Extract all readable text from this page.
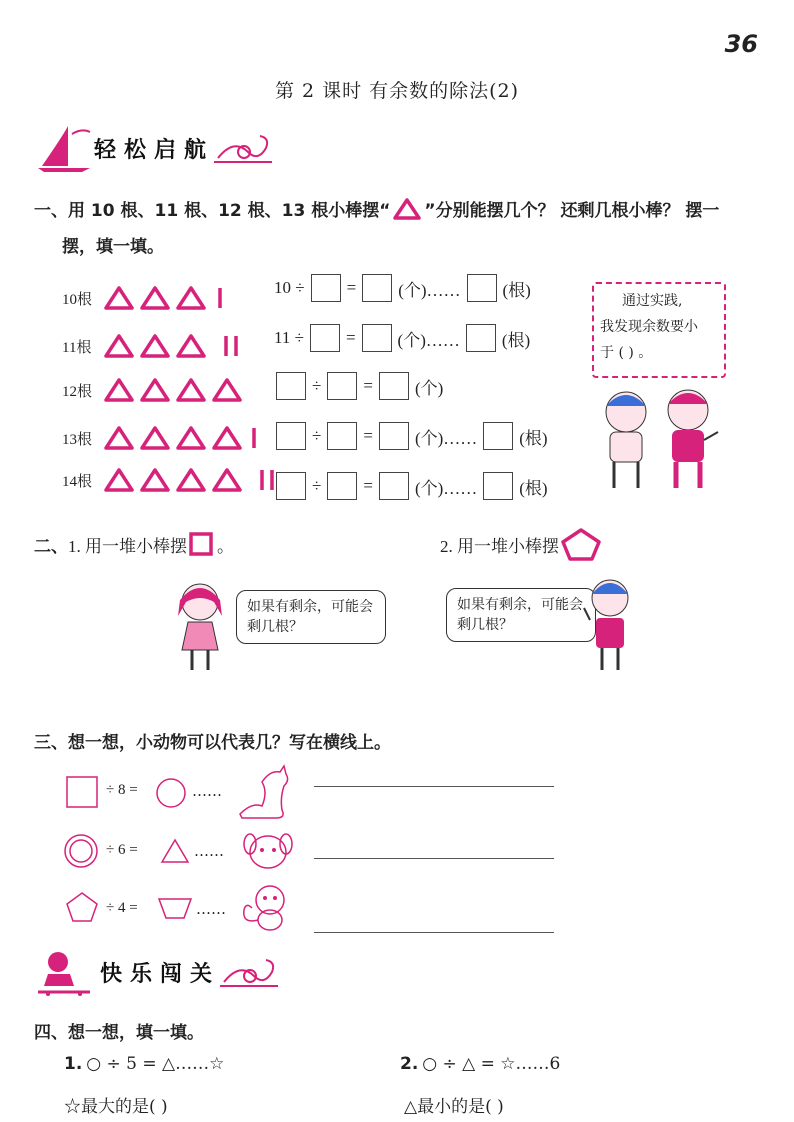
36
第 2 课时 有余数的除法(2)
轻松启航
一、用 10 根、11 根、12 根、13 根小棒摆“ ”分别能摆几个？ 还剩几根小棒？ 摆一
摆，填一填。
10根
11根
12根
13根
14根
10 ÷ = (个)…… (根)
11 ÷ = (个)…… (根)
÷ = (个)
÷ = (个)…… (根)
÷ = (个)…… (根)
通过实践,
我发现余数要小
于 ( ) 。
二、 1. 用一堆小棒摆 。	2. 用一堆小棒摆
如果有剩余，可能会剩几根？
如果有剩余，可能会剩几根？
三、想一想，小动物可以代表几？写在横线上。
÷ 8 =	……
÷ 6 =	……
÷ 4 =	……
快乐闯关
四、想一想，填一填。
1. ○ ÷ 5 = △……☆
☆最大的是( )
2. ○ ÷ △ = ☆……6
△最小的是( )
